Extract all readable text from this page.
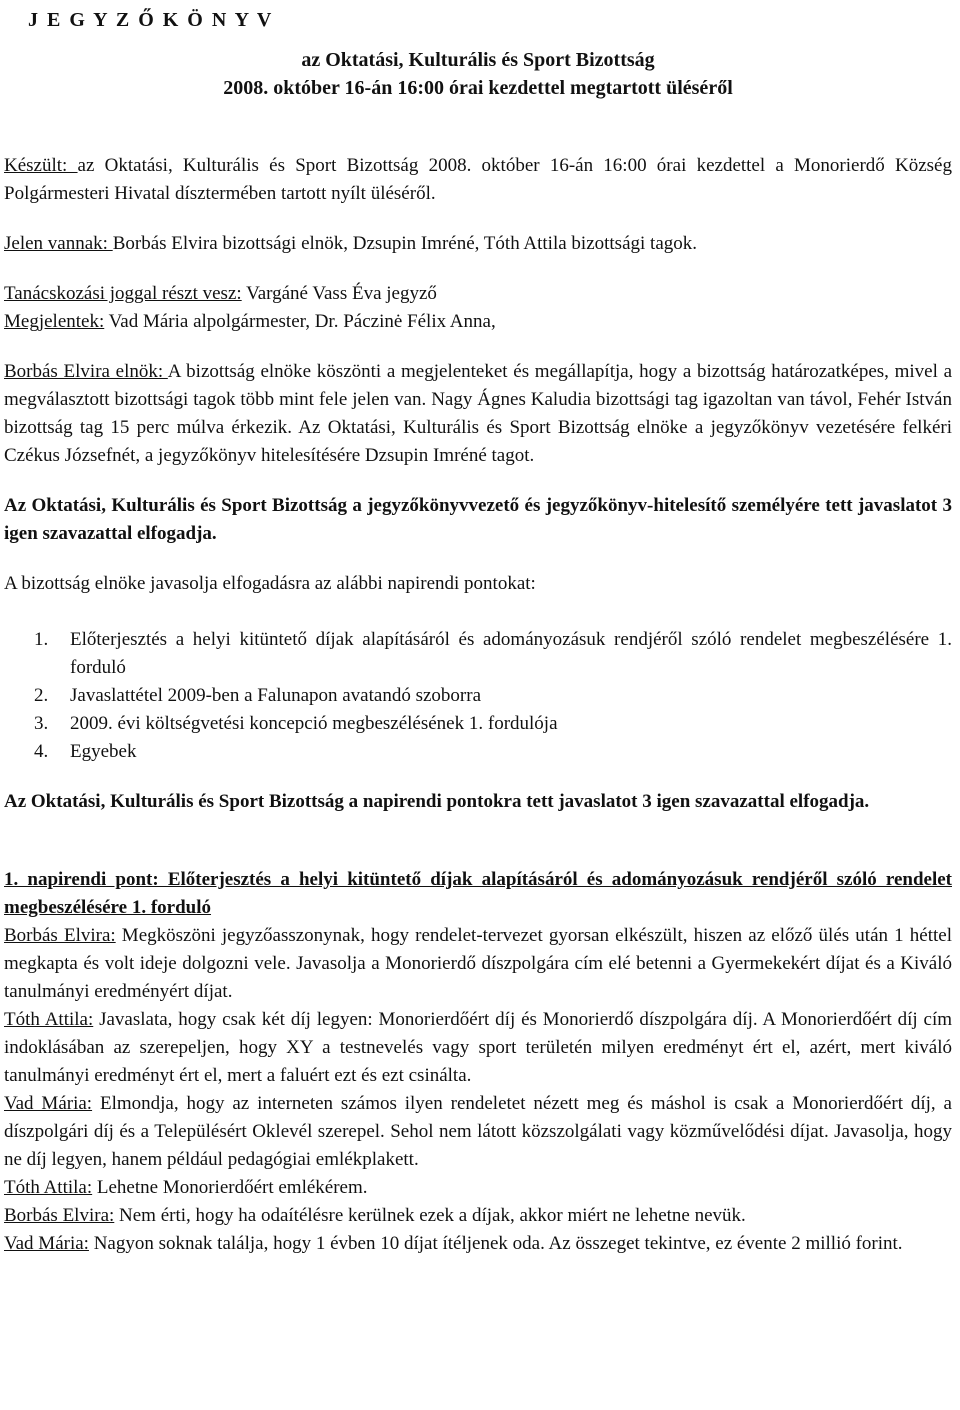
J E G Y Z Ő K Ö N Y V
az Oktatási, Kulturális és Sport Bizottság
2008. október 16-án 16:00 órai kezdettel megtartott üléséről

Készült: az Oktatási, Kulturális és Sport Bizottság 2008. október 16-án 16:00 órai kezdettel a Monorierdő Község Polgármesteri Hivatal dísztermében tartott nyílt üléséről.

Jelen vannak: Borbás Elvira bizottsági elnök, Dzsupin Imréné, Tóth Attila bizottsági tagok.

Tanácskozási joggal részt vesz: Vargáné Vass Éva jegyző

Megjelentek: Vad Mária alpolgármester, Dr. Páczinė Félix Anna,

Borbás Elvira elnök: A bizottság elnöke köszönti a megjelenteket és megállapítja, hogy a bizottság határozatképes, mivel a megválasztott bizottsági tagok több mint fele jelen van. Nagy Ágnes Kaludia bizottsági tag igazoltan van távol, Fehér István bizottság tag 15 perc múlva érkezik. Az Oktatási, Kulturális és Sport Bizottság elnöke a jegyzőkönyv vezetésére felkéri Czékus Józsefnét, a jegyzőkönyv hitelesítésére Dzsupin Imréné tagot.

Az Oktatási, Kulturális és Sport Bizottság a jegyzőkönyvvezető és jegyzőkönyv-hitelesítő személyére tett javaslatot 3 igen szavazattal elfogadja.

A bizottság elnöke javasolja elfogadásra az alábbi napirendi pontokat:

1.	Előterjesztés a helyi kitüntető díjak alapításáról és adományozásuk rendjéről szóló rendelet megbeszélésére 1. forduló
2.	Javaslattétel 2009-ben a Falunapon avatandó szoborra
3.	2009. évi költségvetési koncepció megbeszélésének 1. fordulója
4.	Egyebek

Az Oktatási, Kulturális és Sport Bizottság a napirendi pontokra tett javaslatot 3 igen szavazattal elfogadja.

1. napirendi pont: Előterjesztés a helyi kitüntető díjak alapításáról és adományozásuk rendjéről szóló rendelet megbeszélésére 1. forduló

Borbás Elvira: Megköszöni jegyzőasszonynak, hogy rendelet-tervezet gyorsan elkészült, hiszen az előző ülés után 1 héttel megkapta és volt ideje dolgozni vele. Javasolja a Monorierdő díszpolgára cím elé betenni a Gyermekekért díjat és a Kiváló tanulmányi eredményért díjat.

Tóth Attila: Javaslata, hogy csak két díj legyen: Monorierdőért díj és Monorierdő díszpolgára díj. A Monorierdőért díj cím indoklásában az szerepeljen, hogy XY a testnevelés vagy sport területén milyen eredményt ért el, azért, mert kiváló tanulmányi eredményt ért el, mert a faluért ezt és ezt csinálta.

Vad Mária: Elmondja, hogy az interneten számos ilyen rendeletet nézett meg és máshol is csak a Monorierdőért díj, a díszpolgári díj és a Településért Oklevél szerepel. Sehol nem látott közszolgálati vagy közművelődési díjat. Javasolja, hogy ne díj legyen, hanem például pedagógiai emlékplakett.

Tóth Attila: Lehetne Monorierdőért emlékérem.

Borbás Elvira: Nem érti, hogy ha odaítélésre kerülnek ezek a díjak, akkor miért ne lehetne nevük.

Vad Mária: Nagyon soknak találja, hogy 1 évben 10 díjat ítéljenek oda. Az összeget tekintve, ez évente 2 millió forint.
